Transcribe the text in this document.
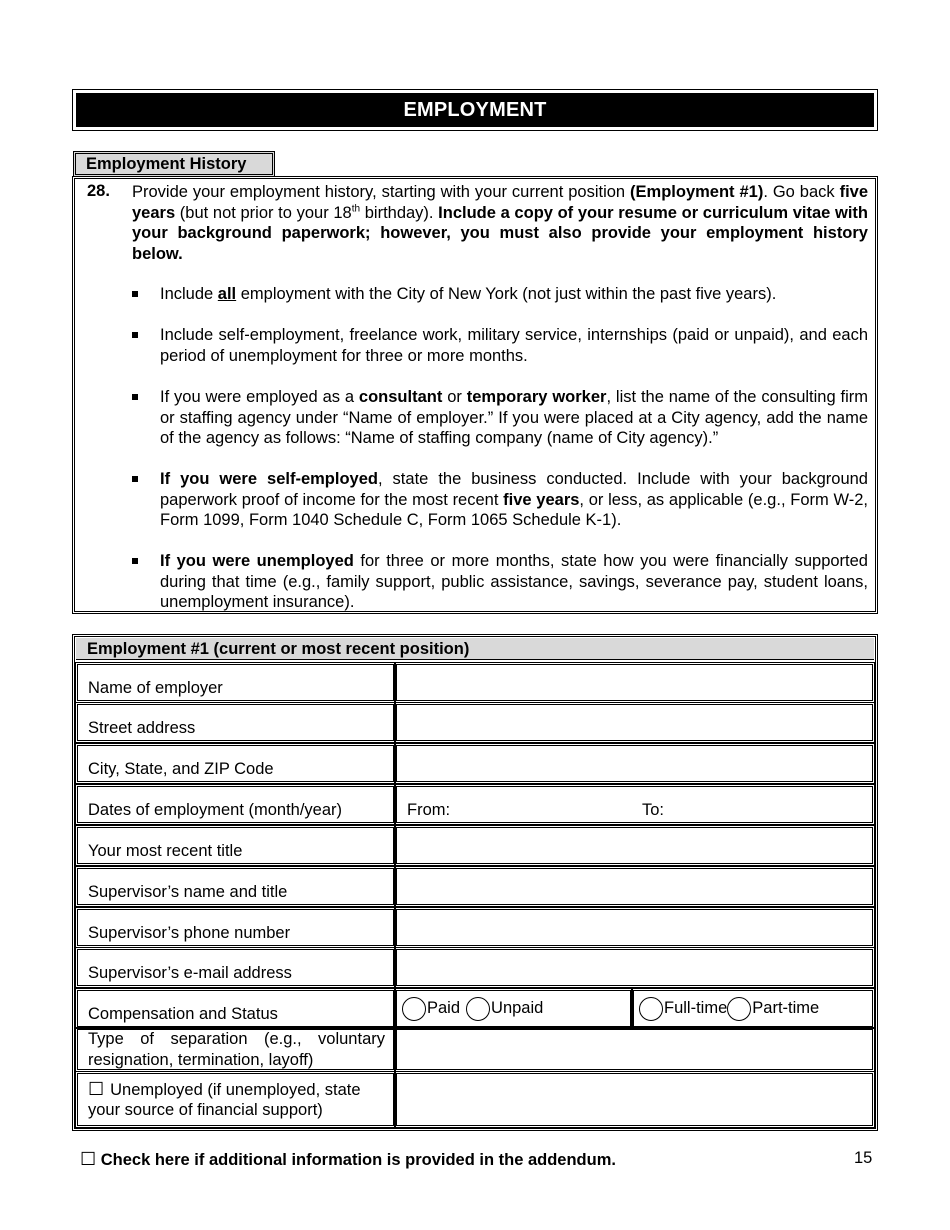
EMPLOYMENT
Employment History
28. Provide your employment history, starting with your current position (Employment #1). Go back five years (but not prior to your 18th birthday). Include a copy of your resume or curriculum vitae with your background paperwork; however, you must also provide your employment history below.
Include all employment with the City of New York (not just within the past five years).
Include self-employment, freelance work, military service, internships (paid or unpaid), and each period of unemployment for three or more months.
If you were employed as a consultant or temporary worker, list the name of the consulting firm or staffing agency under “Name of employer.” If you were placed at a City agency, add the name of the agency as follows: “Name of staffing company (name of City agency).”
If you were self-employed, state the business conducted. Include with your background paperwork proof of income for the most recent five years, or less, as applicable (e.g., Form W-2, Form 1099, Form 1040 Schedule C, Form 1065 Schedule K-1).
If you were unemployed for three or more months, state how you were financially supported during that time (e.g., family support, public assistance, savings, severance pay, student loans, unemployment insurance).
Employment #1 (current or most recent position)
Name of employer
Street address
City, State, and ZIP Code
Dates of employment (month/year)	From:	To:
Your most recent title
Supervisor’s name and title
Supervisor’s phone number
Supervisor’s e-mail address
Compensation and Status	Paid Unpaid	Full-time Part-time
Type of separation (e.g., voluntary resignation, termination, layoff)
☐ Unemployed (if unemployed, state your source of financial support)
☐ Check here if additional information is provided in the addendum.	15
